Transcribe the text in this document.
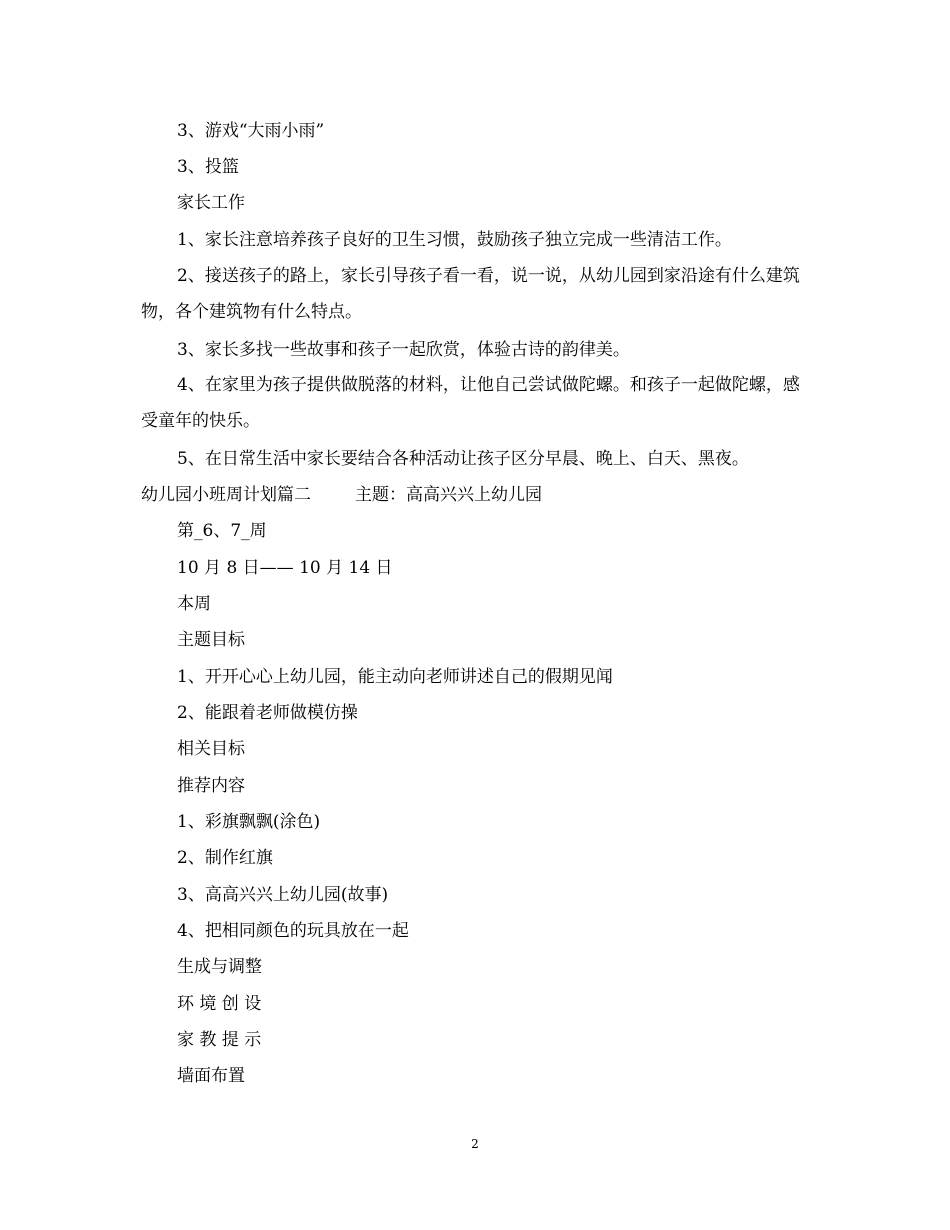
3、游戏“大雨小雨”

3、投篮

家长工作

1、家长注意培养孩子良好的卫生习惯，鼓励孩子独立完成一些清洁工作。

2、接送孩子的路上，家长引导孩子看一看，说一说，从幼儿园到家沿途有什么建筑物，各个建筑物有什么特点。

3、家长多找一些故事和孩子一起欣赏，体验古诗的韵律美。

4、在家里为孩子提供做脱落的材料，让他自己尝试做陀螺。和孩子一起做陀螺，感受童年的快乐。

5、在日常生活中家长要结合各种活动让孩子区分早晨、晚上、白天、黑夜。

幼儿园小班周计划篇二	主题：高高兴兴上幼儿园

第_6、7_周

10 月 8 日—— 10 月 14 日

本周

主题目标

1、开开心心上幼儿园，能主动向老师讲述自己的假期见闻

2、能跟着老师做模仿操

相关目标

推荐内容

1、彩旗飘飘(涂色)

2、制作红旗

3、高高兴兴上幼儿园(故事)

4、把相同颜色的玩具放在一起

生成与调整

环 境 创 设

家 教 提 示

墙面布置

2
